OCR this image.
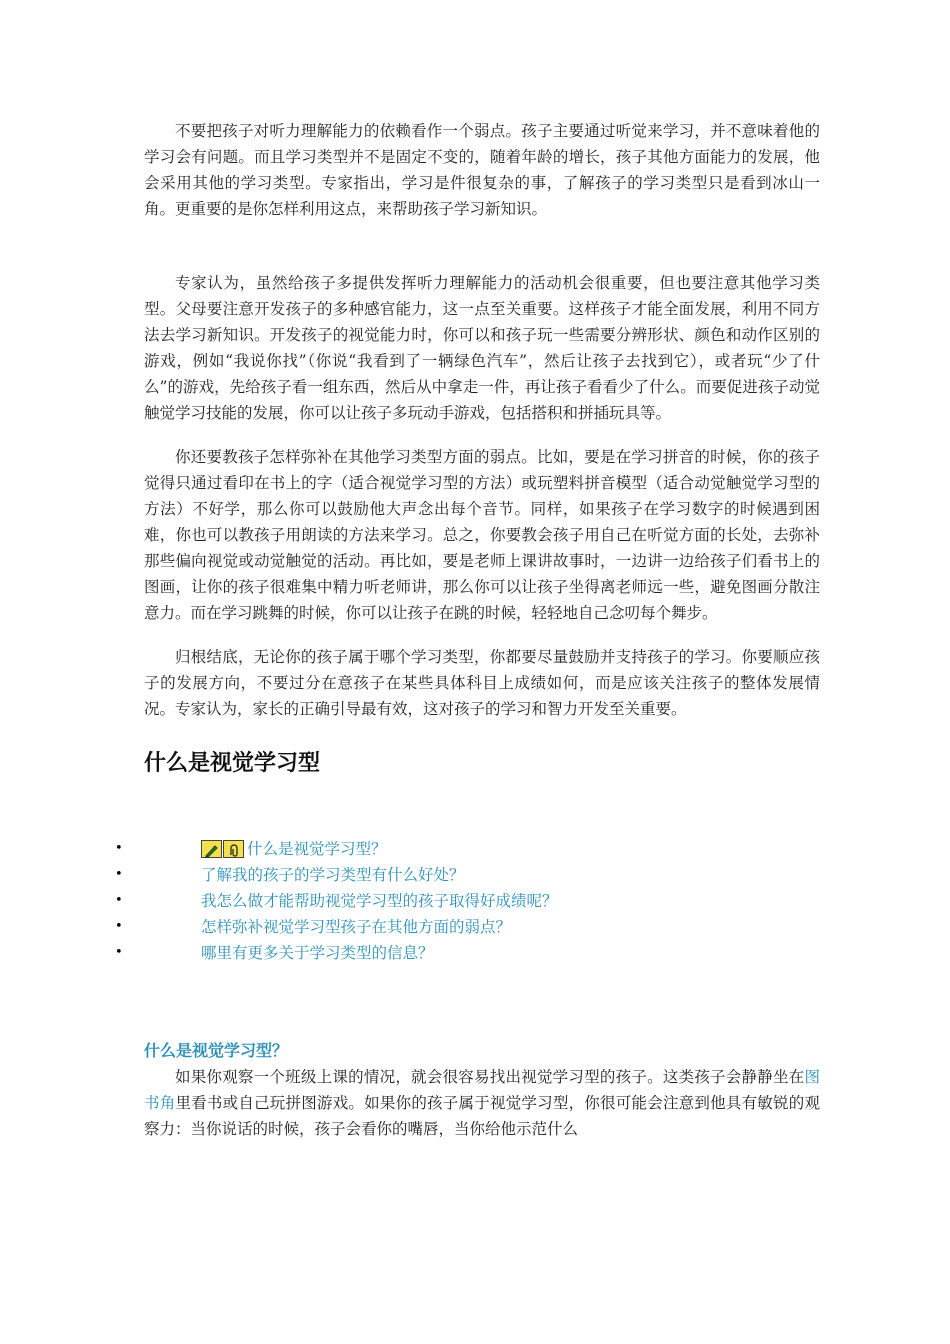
不要把孩子对听力理解能力的依赖看作一个弱点。孩子主要通过听觉来学习，并不意味着他的学习会有问题。而且学习类型并不是固定不变的，随着年龄的增长，孩子其他方面能力的发展，他会采用其他的学习类型。专家指出，学习是件很复杂的事，了解孩子的学习类型只是看到冰山一角。更重要的是你怎样利用这点，来帮助孩子学习新知识。

专家认为，虽然给孩子多提供发挥听力理解能力的活动机会很重要，但也要注意其他学习类型。父母要注意开发孩子的多种感官能力，这一点至关重要。这样孩子才能全面发展，利用不同方法去学习新知识。开发孩子的视觉能力时，你可以和孩子玩一些需要分辨形状、颜色和动作区别的游戏，例如“我说你找”（你说“我看到了一辆绿色汽车”，然后让孩子去找到它），或者玩“少了什么”的游戏，先给孩子看一组东西，然后从中拿走一件，再让孩子看看少了什么。而要促进孩子动觉触觉学习技能的发展，你可以让孩子多玩动手游戏，包括搭积和拼插玩具等。

你还要教孩子怎样弥补在其他学习类型方面的弱点。比如，要是在学习拼音的时候，你的孩子觉得只通过看印在书上的字（适合视觉学习型的方法）或玩塑料拼音模型（适合动觉触觉学习型的方法）不好学，那么你可以鼓励他大声念出每个音节。同样，如果孩子在学习数字的时候遇到困难，你也可以教孩子用朗读的方法来学习。总之，你要教会孩子用自己在听觉方面的长处，去弥补那些偏向视觉或动觉触觉的活动。再比如，要是老师上课讲故事时，一边讲一边给孩子们看书上的图画，让你的孩子很难集中精力听老师讲，那么你可以让孩子坐得离老师远一些，避免图画分散注意力。而在学习跳舞的时候，你可以让孩子在跳的时候，轻轻地自己念叨每个舞步。

归根结底，无论你的孩子属于哪个学习类型，你都要尽量鼓励并支持孩子的学习。你要顺应孩子的发展方向，不要过分在意孩子在某些具体科目上成绩如何，而是应该关注孩子的整体发展情况。专家认为，家长的正确引导最有效，这对孩子的学习和智力开发至关重要。

什么是视觉学习型
•	什么是视觉学习型？
•	了解我的孩子的学习类型有什么好处？
•	我怎么做才能帮助视觉学习型的孩子取得好成绩呢？
•	怎样弥补视觉学习型孩子在其他方面的弱点？
•	哪里有更多关于学习类型的信息？
什么是视觉学习型？

如果你观察一个班级上课的情况，就会很容易找出视觉学习型的孩子。这类孩子会静静坐在图书角里看书或自己玩拼图游戏。如果你的孩子属于视觉学习型，你很可能会注意到他具有敏锐的观察力：当你说话的时候，孩子会看你的嘴唇，当你给他示范什么
